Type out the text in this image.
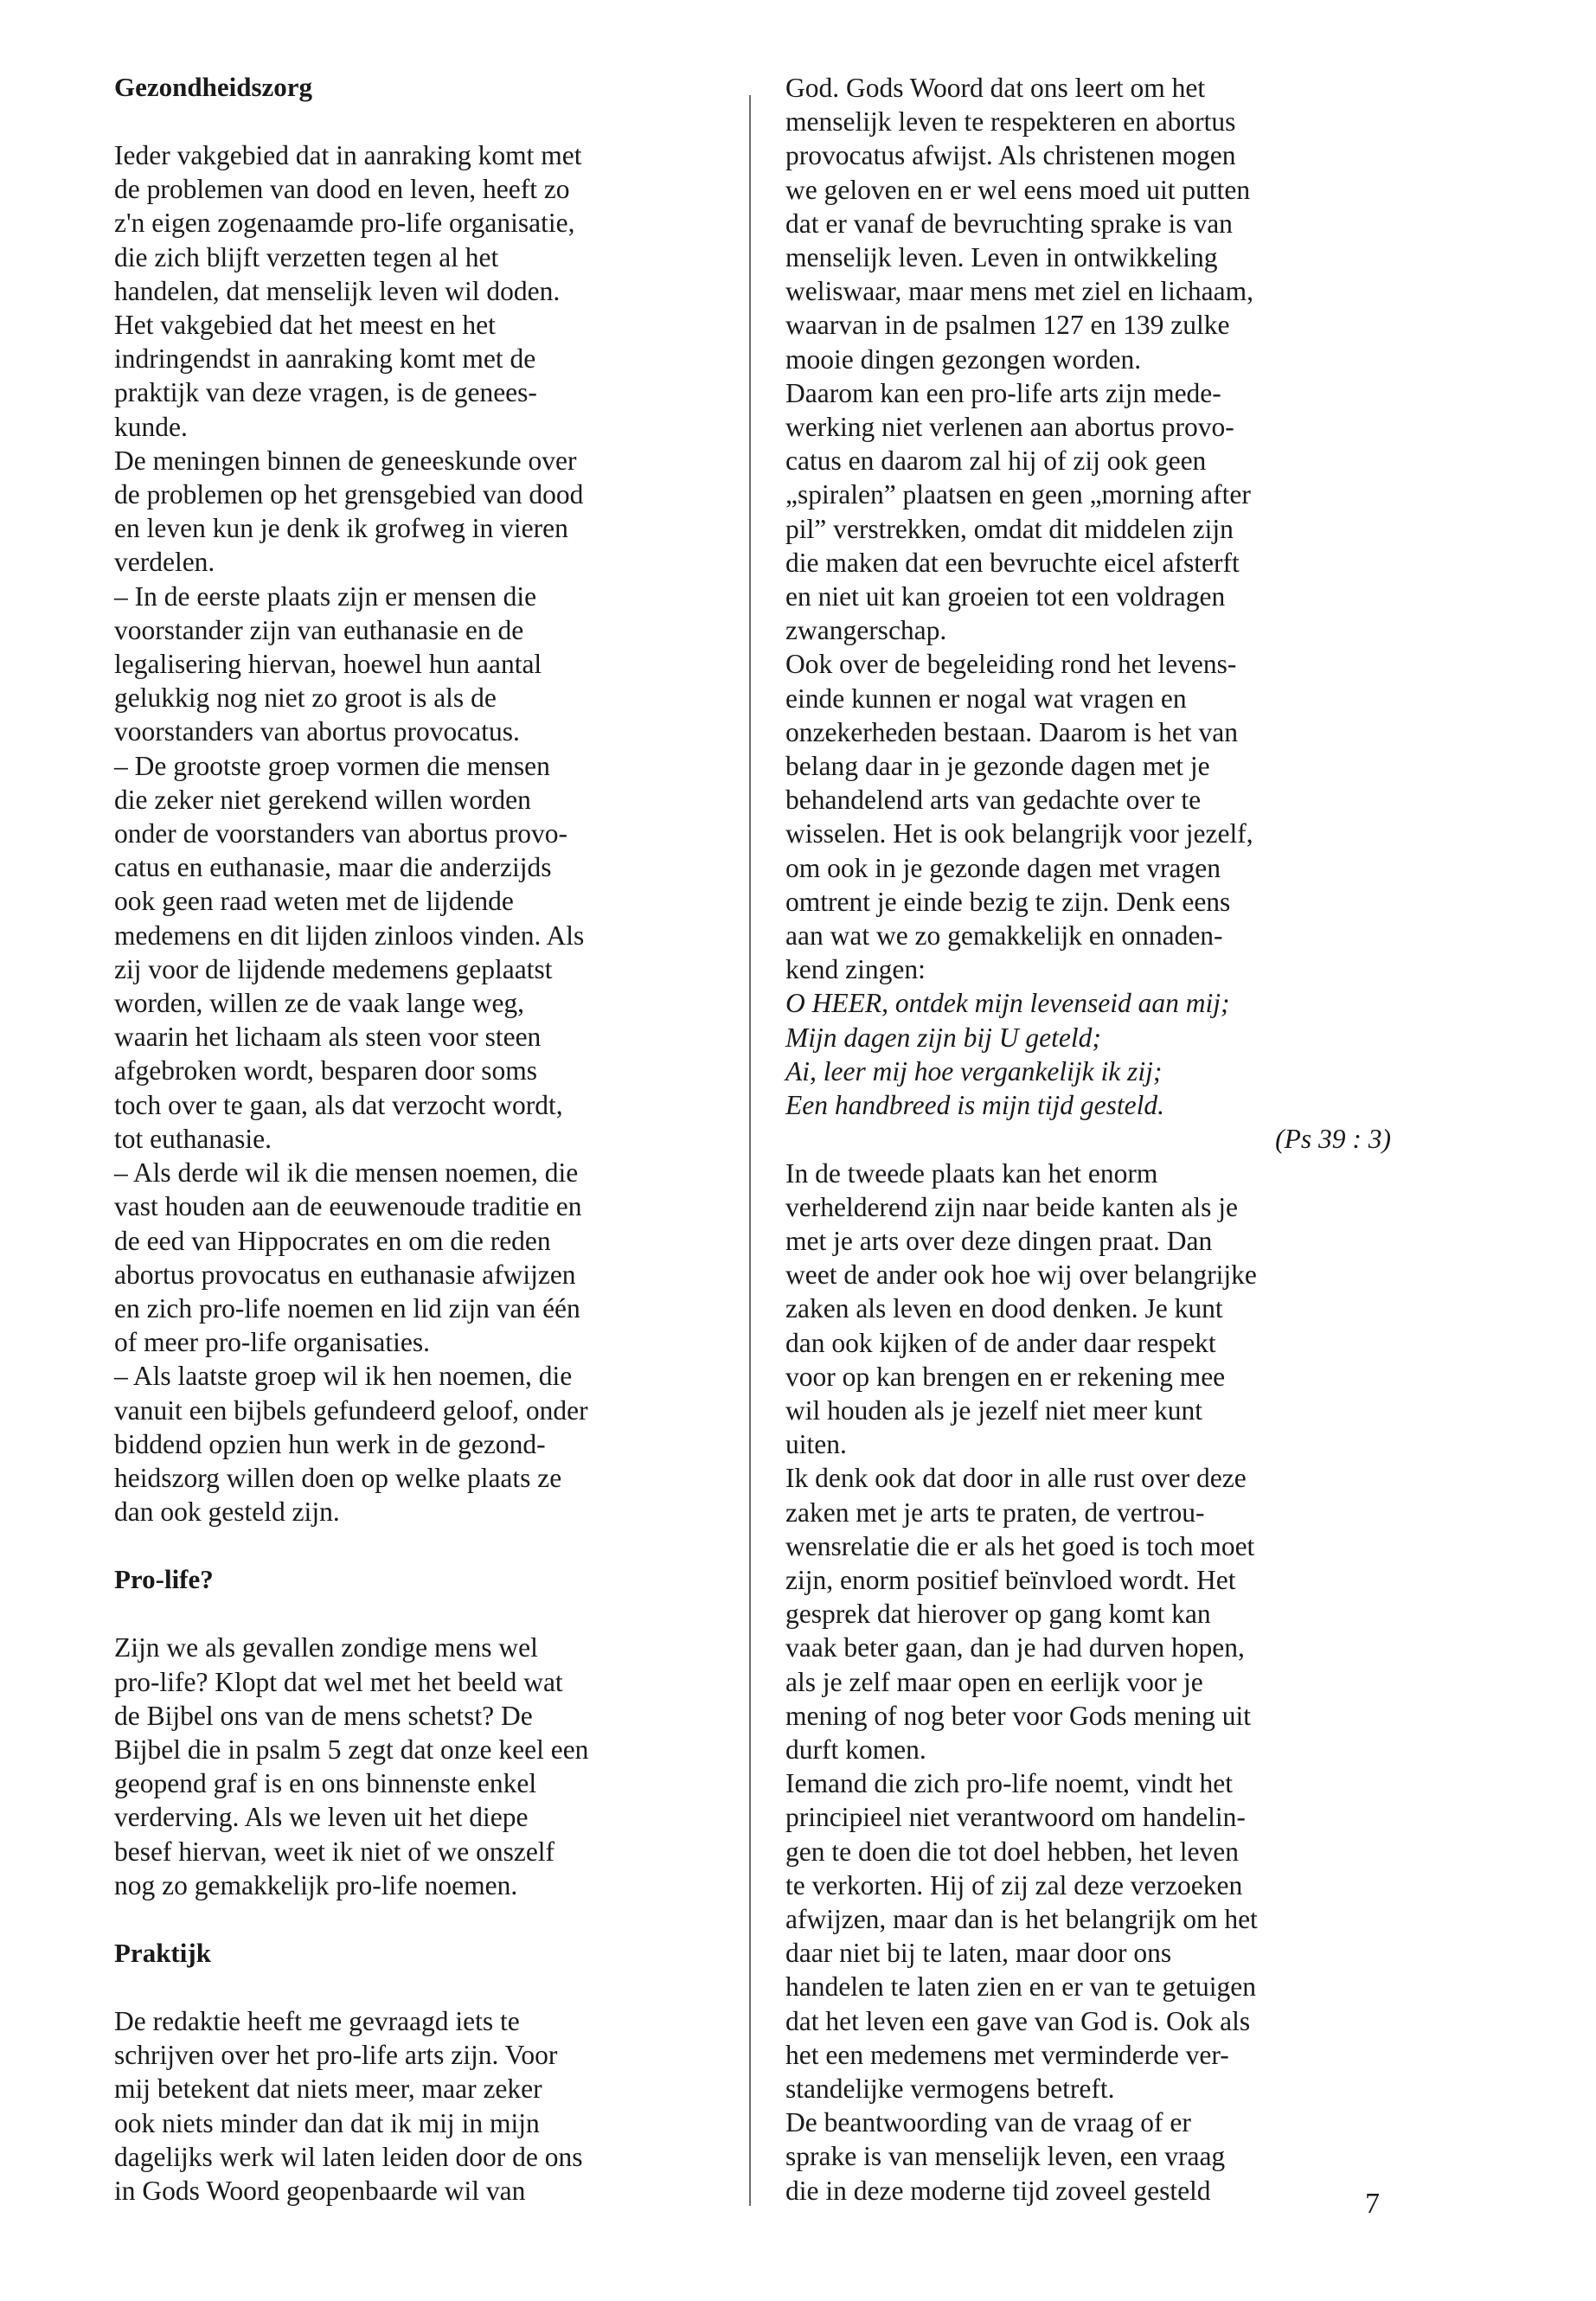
Gezondheidszorg
Ieder vakgebied dat in aanraking komt met
de problemen van dood en leven, heeft zo
z'n eigen zogenaamde pro-life organisatie,
die zich blijft verzetten tegen al het
handelen, dat menselijk leven wil doden.
Het vakgebied dat het meest en het
indringendst in aanraking komt met de
praktijk van deze vragen, is de genees-
kunde.
De meningen binnen de geneeskunde over
de problemen op het grensgebied van dood
en leven kun je denk ik grofweg in vieren
verdelen.
– In de eerste plaats zijn er mensen die
voorstander zijn van euthanasie en de
legalisering hiervan, hoewel hun aantal
gelukkig nog niet zo groot is als de
voorstanders van abortus provocatus.
– De grootste groep vormen die mensen
die zeker niet gerekend willen worden
onder de voorstanders van abortus provo-
catus en euthanasie, maar die anderzijds
ook geen raad weten met de lijdende
medemens en dit lijden zinloos vinden. Als
zij voor de lijdende medemens geplaatst
worden, willen ze de vaak lange weg,
waarin het lichaam als steen voor steen
afgebroken wordt, besparen door soms
toch over te gaan, als dat verzocht wordt,
tot euthanasie.
– Als derde wil ik die mensen noemen, die
vast houden aan de eeuwenoude traditie en
de eed van Hippocrates en om die reden
abortus provocatus en euthanasie afwijzen
en zich pro-life noemen en lid zijn van één
of meer pro-life organisaties.
– Als laatste groep wil ik hen noemen, die
vanuit een bijbels gefundeerd geloof, onder
biddend opzien hun werk in de gezond-
heidszorg willen doen op welke plaats ze
dan ook gesteld zijn.
Pro-life?
Zijn we als gevallen zondige mens wel
pro-life? Klopt dat wel met het beeld wat
de Bijbel ons van de mens schetst? De
Bijbel die in psalm 5 zegt dat onze keel een
geopend graf is en ons binnenste enkel
verderving. Als we leven uit het diepe
besef hiervan, weet ik niet of we onszelf
nog zo gemakkelijk pro-life noemen.
Praktijk
De redaktie heeft me gevraagd iets te
schrijven over het pro-life arts zijn. Voor
mij betekent dat niets meer, maar zeker
ook niets minder dan dat ik mij in mijn
dagelijks werk wil laten leiden door de ons
in Gods Woord geopenbaarde wil van
God. Gods Woord dat ons leert om het
menselijk leven te respekteren en abortus
provocatus afwijst. Als christenen mogen
we geloven en er wel eens moed uit putten
dat er vanaf de bevruchting sprake is van
menselijk leven. Leven in ontwikkeling
weliswaar, maar mens met ziel en lichaam,
waarvan in de psalmen 127 en 139 zulke
mooie dingen gezongen worden.
Daarom kan een pro-life arts zijn mede-
werking niet verlenen aan abortus provo-
catus en daarom zal hij of zij ook geen
„spiralen” plaatsen en geen „morning after
pil” verstrekken, omdat dit middelen zijn
die maken dat een bevruchte eicel afsterft
en niet uit kan groeien tot een voldragen
zwangerschap.
Ook over de begeleiding rond het levens-
einde kunnen er nogal wat vragen en
onzekerheden bestaan. Daarom is het van
belang daar in je gezonde dagen met je
behandelend arts van gedachte over te
wisselen. Het is ook belangrijk voor jezelf,
om ook in je gezonde dagen met vragen
omtrent je einde bezig te zijn. Denk eens
aan wat we zo gemakkelijk en onnaden-
kend zingen:
O HEER, ontdek mijn levenseid aan mij;
Mijn dagen zijn bij U geteld;
Ai, leer mij hoe vergankelijk ik zij;
Een handbreed is mijn tijd gesteld.
(Ps 39 : 3)
In de tweede plaats kan het enorm
verhelderend zijn naar beide kanten als je
met je arts over deze dingen praat. Dan
weet de ander ook hoe wij over belangrijke
zaken als leven en dood denken. Je kunt
dan ook kijken of de ander daar respekt
voor op kan brengen en er rekening mee
wil houden als je jezelf niet meer kunt
uiten.
Ik denk ook dat door in alle rust over deze
zaken met je arts te praten, de vertrou-
wensrelatie die er als het goed is toch moet
zijn, enorm positief beïnvloed wordt. Het
gesprek dat hierover op gang komt kan
vaak beter gaan, dan je had durven hopen,
als je zelf maar open en eerlijk voor je
mening of nog beter voor Gods mening uit
durft komen.
Iemand die zich pro-life noemt, vindt het
principieel niet verantwoord om handelin-
gen te doen die tot doel hebben, het leven
te verkorten. Hij of zij zal deze verzoeken
afwijzen, maar dan is het belangrijk om het
daar niet bij te laten, maar door ons
handelen te laten zien en er van te getuigen
dat het leven een gave van God is. Ook als
het een medemens met verminderde ver-
standelijke vermogens betreft.
De beantwoording van de vraag of er
sprake is van menselijk leven, een vraag
die in deze moderne tijd zoveel gesteld	7
